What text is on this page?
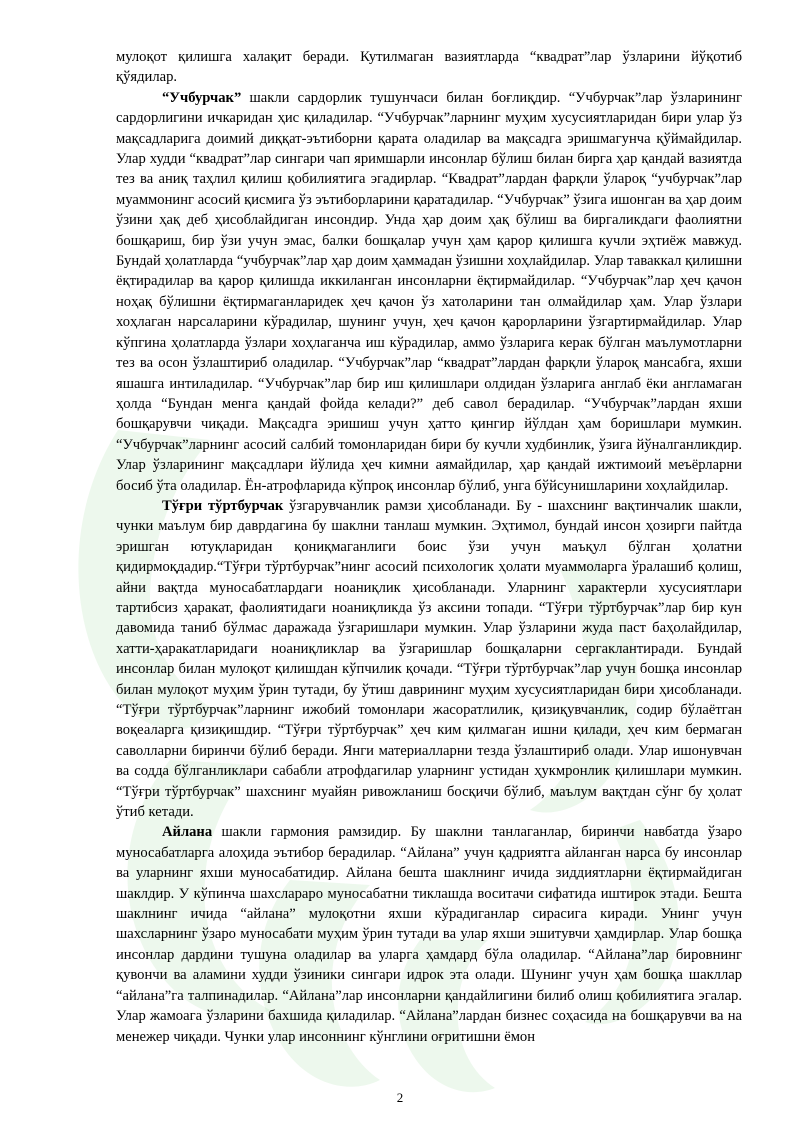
мулоқот қилишга халақит беради. Кутилмаган вазиятларда “квадрат”лар ўзларини йўқотиб қўядилар.

“Учбурчак” шакли сардорлик тушунчаси билан боғлиқдир. “Учбурчак”лар ўзларининг сардорлигини ичкаридан ҳис қиладилар. “Учбурчак”ларнинг муҳим хусусиятларидан бири улар ўз мақсадларига доимий диққат-эътиборни қарата оладилар ва мақсадга эришмагунча қўймайдилар. Улар худди “квадрат”лар сингари чап яримшарли инсонлар бўлиш билан бирга ҳар қандай вазиятда тез ва аниқ таҳлил қилиш қобилиятига эгадирлар. “Квадрат”лардан фарқли ўлароқ “учбурчак”лар муаммонинг асосий қисмига ўз эътиборларини қаратадилар. “Учбурчак” ўзига ишонган ва ҳар доим ўзини ҳақ деб ҳисоблайдиган инсондир. Унда ҳар доим ҳақ бўлиш ва биргаликдаги фаолиятни бошқариш, бир ўзи учун эмас, балки бошқалар учун ҳам қарор қилишга кучли эҳтиёж мавжуд. Бундай ҳолатларда “учбурчак”лар ҳар доим ҳаммадан ўзишни хоҳлайдилар. Улар таваккал қилишни ёқтирадилар ва қарор қилишда иккиланган инсонларни ёқтирмайдилар. “Учбурчак”лар ҳеч қачон ноҳақ бўлишни ёқтирмаганларидек ҳеч қачон ўз хатоларини тан олмайдилар ҳам. Улар ўзлари хоҳлаган нарсаларини кўрадилар, шунинг учун, ҳеч қачон қарорларини ўзгартирмайдилар. Улар кўпгина ҳолатларда ўзлари хоҳлаганча иш кўрадилар, аммо ўзларига керак бўлган маълумотларни тез ва осон ўзлаштириб оладилар. “Учбурчак”лар “квадрат”лардан фарқли ўлароқ мансабга, яхши яшашга интиладилар. “Учбурчак”лар бир иш қилишлари олдидан ўзларига англаб ёки англамаган ҳолда “Бундан менга қандай фойда келади?” деб савол берадилар. “Учбурчак”лардан яхши бошқарувчи чиқади. Мақсадга эришиш учун ҳатто қингир йўлдан ҳам боришлари мумкин. “Учбурчак”ларнинг асосий салбий томонларидан бири бу кучли худбинлик, ўзига йўналганликдир. Улар ўзларининг мақсадлари йўлида ҳеч кимни аямайдилар, ҳар қандай ижтимоий меъёрларни босиб ўта оладилар. Ён-атрофларида кўпроқ инсонлар бўлиб, унга бўйсунишларини хоҳлайдилар.

Тўғри тўртбурчак ўзгарувчанлик рамзи ҳисобланади. Бу - шахснинг вақтинчалик шакли, чунки маълум бир даврдагина бу шаклни танлаш мумкин. Эҳтимол, бундай инсон ҳозирги пайтда эришган ютуқларидан қониқмаганлиги боис ўзи учун маъқул бўлган ҳолатни қидирмоқдадир.“Тўғри тўртбурчак”нинг асосий психологик ҳолати муаммоларга ўралашиб қолиш, айни вақтда муносабатлардаги ноаниқлик ҳисобланади. Уларнинг характерли хусусиятлари тартибсиз ҳаракат, фаолиятидаги ноаниқликда ўз аксини топади. “Тўғри тўртбурчак”лар бир кун давомида таниб бўлмас даражада ўзгаришлари мумкин. Улар ўзларини жуда паст баҳолайдилар, хатти-ҳаракатларидаги ноаниқликлар ва ўзгаришлар бошқаларни сергаклантиради. Бундай инсонлар билан мулоқот қилишдан кўпчилик қочади. “Тўғри тўртбурчак”лар учун бошқа инсонлар билан мулоқот муҳим ўрин тутади, бу ўтиш даврининг муҳим хусусиятларидан бири ҳисобланади. “Тўғри тўртбурчак”ларнинг ижобий томонлари жасоратлилик, қизиқувчанлик, содир бўлаётган воқеаларга қизиқишдир. “Тўғри тўртбурчак” ҳеч ким қилмаган ишни қилади, ҳеч ким бермаган саволларни биринчи бўлиб беради. Янги материалларни тезда ўзлаштириб олади. Улар ишонувчан ва содда бўлганликлари сабабли атрофдагилар уларнинг устидан ҳукмронлик қилишлари мумкин. “Тўғри тўртбурчак” шахснинг муайян ривожланиш босқичи бўлиб, маълум вақтдан сўнг бу ҳолат ўтиб кетади.

Айлана шакли гармония рамзидир. Бу шаклни танлаганлар, биринчи навбатда ўзаро муносабатларга алоҳида эътибор берадилар. “Айлана” учун қадриятга айланган нарса бу инсонлар ва уларнинг яхши муносабатидир. Айлана бешта шаклнинг ичида зиддиятларни ёқтирмайдиган шаклдир. У кўпинча шахслараро муносабатни тиклашда воситачи сифатида иштирок этади. Бешта шаклнинг ичида “айлана” мулоқотни яхши кўрадиганлар сирасига киради. Унинг учун шахсларнинг ўзаро муносабати муҳим ўрин тутади ва улар яхши эшитувчи ҳамдирлар. Улар бошқа инсонлар дардини тушуна оладилар ва уларга ҳамдард бўла оладилар. “Айлана”лар бировнинг қувончи ва аламини худди ўзиники сингари идрок эта олади. Шунинг учун ҳам бошқа шакллар “айлана”га талпинадилар. “Айлана”лар инсонларни қандайлигини билиб олиш қобилиятига эгалар. Улар жамоага ўзларини бахшида қиладилар. “Айлана”лардан бизнес соҳасида на бошқарувчи ва на менежер чиқади. Чунки улар инсоннинг кўнглини оғритишни ёмон

2
